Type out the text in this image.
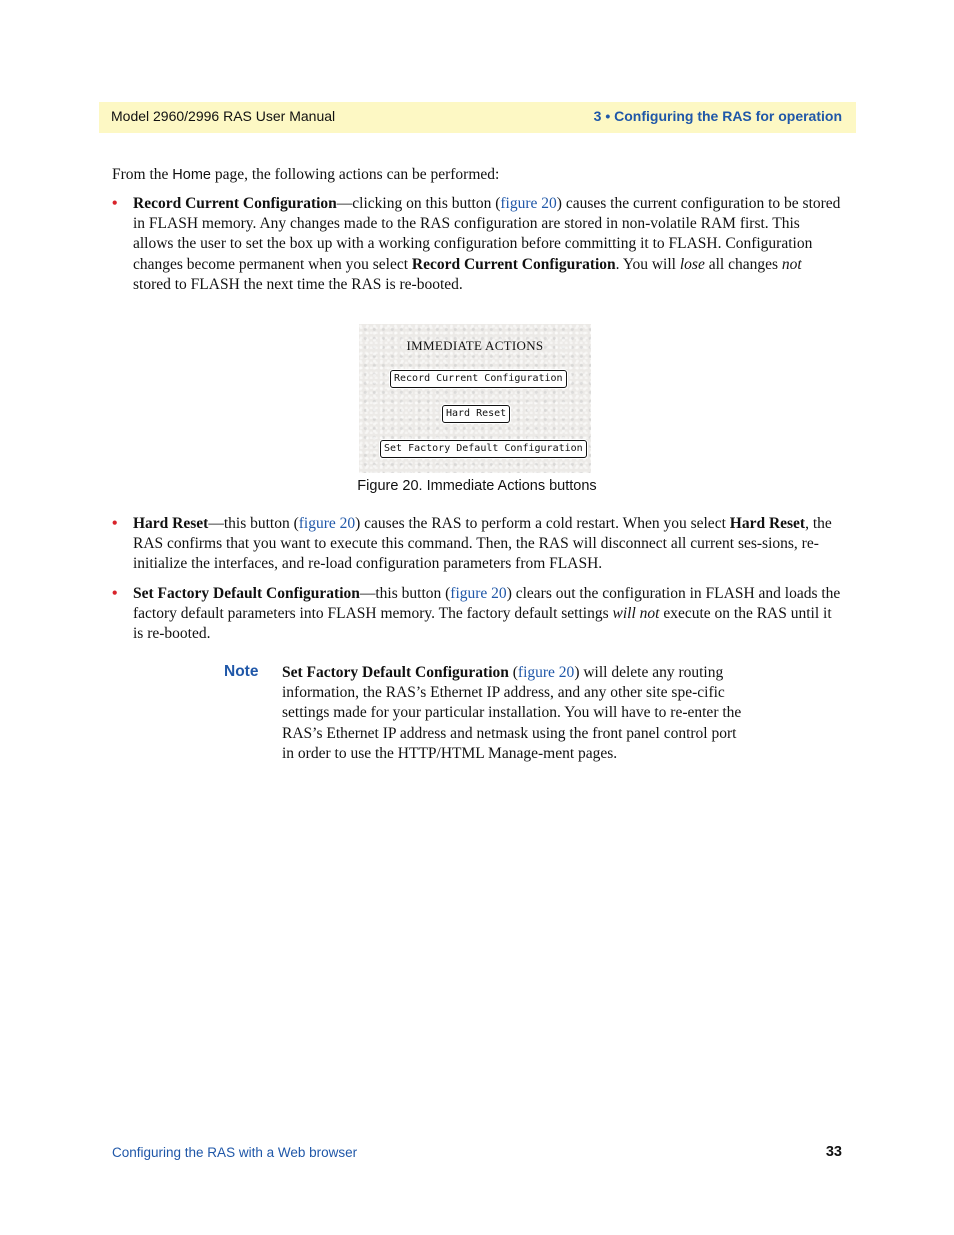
Model 2960/2996 RAS User Manual	3 • Configuring the RAS for operation
From the Home page, the following actions can be performed:
• Record Current Configuration—clicking on this button (figure 20) causes the current configuration to be stored in FLASH memory. Any changes made to the RAS configuration are stored in non-volatile RAM first. This allows the user to set the box up with a working configuration before committing it to FLASH. Configuration changes become permanent when you select Record Current Configuration. You will lose all changes not stored to FLASH the next time the RAS is re-booted.
IMMEDIATE ACTIONS
Record Current Configuration
Hard Reset
Set Factory Default Configuration
Figure 20. Immediate Actions buttons
• Hard Reset—this button (figure 20) causes the RAS to perform a cold restart. When you select Hard Reset, the RAS confirms that you want to execute this command. Then, the RAS will disconnect all current ses-sions, re-initialize the interfaces, and re-load configuration parameters from FLASH.
• Set Factory Default Configuration—this button (figure 20) clears out the configuration in FLASH and loads the factory default parameters into FLASH memory. The factory default settings will not execute on the RAS until it is re-booted.
Note Set Factory Default Configuration (figure 20) will delete any routing information, the RAS’s Ethernet IP address, and any other site spe-cific settings made for your particular installation. You will have to re-enter the RAS’s Ethernet IP address and netmask using the front panel control port in order to use the HTTP/HTML Manage-ment pages.
Configuring the RAS with a Web browser	33
